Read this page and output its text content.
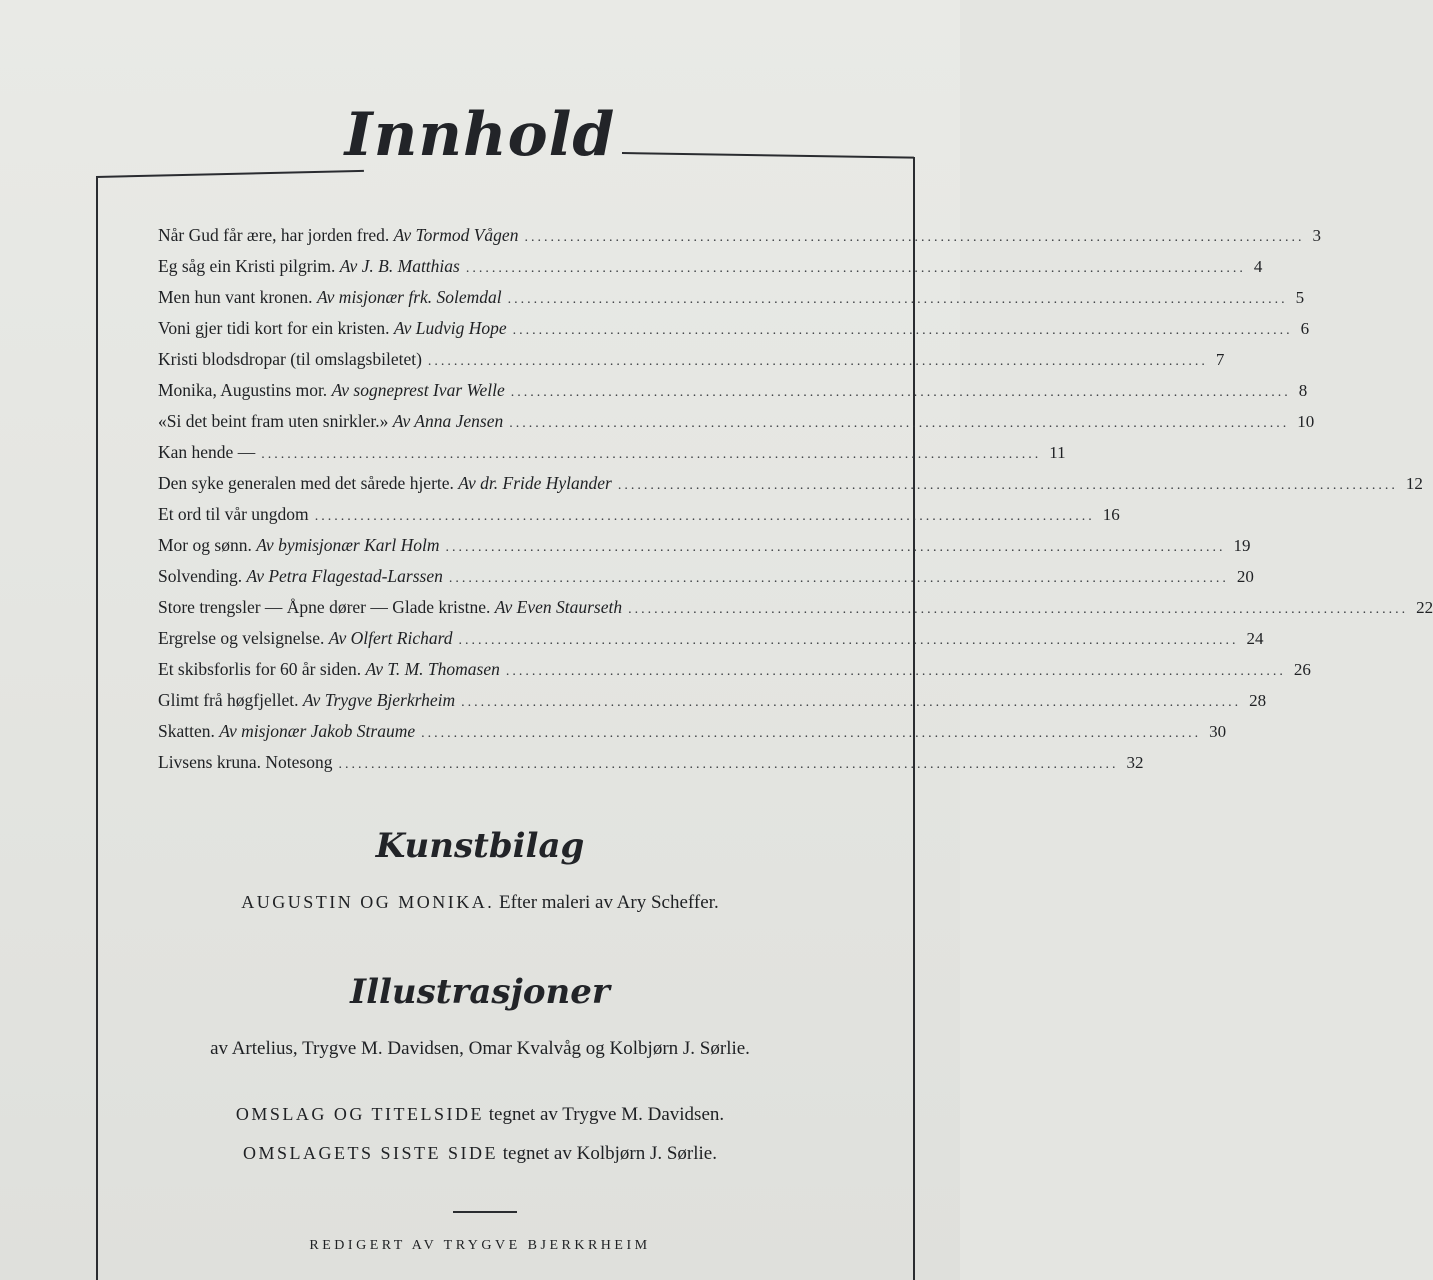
Innhold
Når Gud får ære, har jorden fred. Av Tormod Vågen ........................................................................................................................ 3
Eg såg ein Kristi pilgrim. Av J. B. Matthias ........................................................................................................................ 4
Men hun vant kronen. Av misjonær frk. Solemdal ........................................................................................................................ 5
Voni gjer tidi kort for ein kristen. Av Ludvig Hope ........................................................................................................................ 6
Kristi blodsdropar (til omslagsbiletet) ........................................................................................................................ 7
Monika, Augustins mor. Av sogneprest Ivar Welle ........................................................................................................................ 8
«Si det beint fram uten snirkler.» Av Anna Jensen ........................................................................................................................ 10
Kan hende — ........................................................................................................................ 11
Den syke generalen med det sårede hjerte. Av dr. Fride Hylander ........................................................................................................................ 12
Et ord til vår ungdom ........................................................................................................................ 16
Mor og sønn. Av bymisjonær Karl Holm ........................................................................................................................ 19
Solvending. Av Petra Flagestad-Larssen ........................................................................................................................ 20
Store trengsler — Åpne dører — Glade kristne. Av Even Staurseth ........................................................................................................................ 22
Ergrelse og velsignelse. Av Olfert Richard ........................................................................................................................ 24
Et skibsforlis for 60 år siden. Av T. M. Thomasen ........................................................................................................................ 26
Glimt frå høgfjellet. Av Trygve Bjerkrheim ........................................................................................................................ 28
Skatten. Av misjonær Jakob Straume ........................................................................................................................ 30
Livsens kruna. Notesong ........................................................................................................................ 32
Kunstbilag
AUGUSTIN OG MONIKA. Efter maleri av Ary Scheffer.
Illustrasjoner
av Artelius, Trygve M. Davidsen, Omar Kvalvåg og Kolbjørn J. Sørlie.
OMSLAG OG TITELSIDE tegnet av Trygve M. Davidsen.
OMSLAGETS SISTE SIDE tegnet av Kolbjørn J. Sørlie.
REDIGERT AV TRYGVE BJERKRHEIM
